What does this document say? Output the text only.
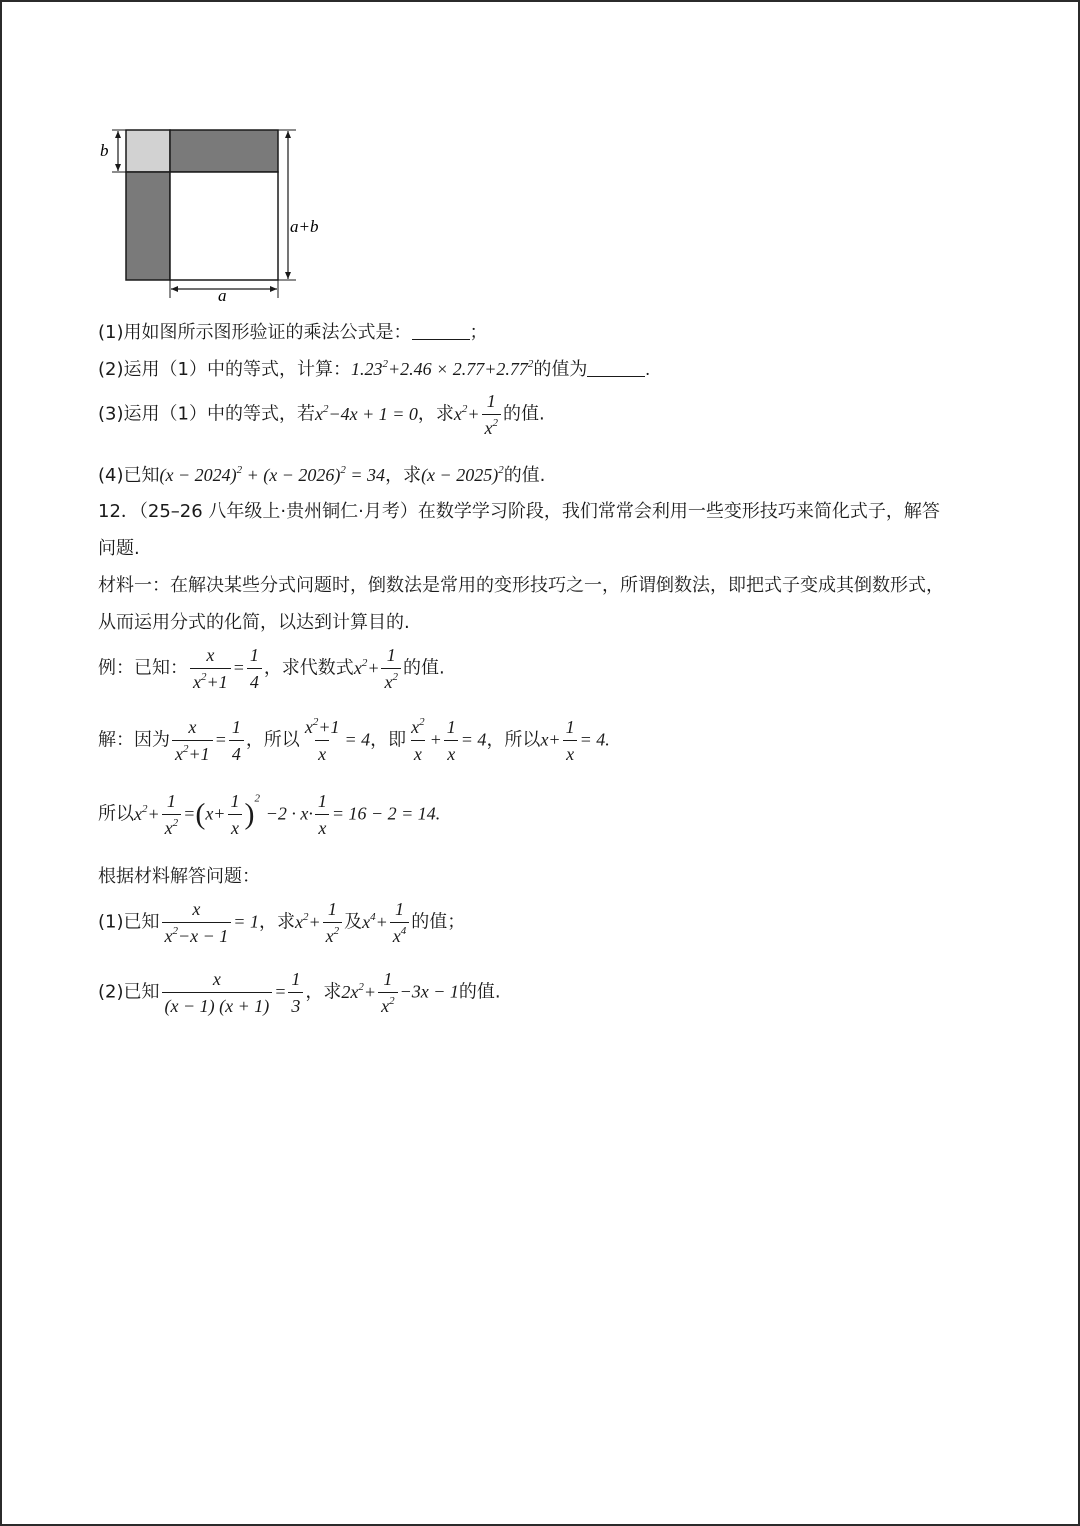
b
a+b
a
(1)用如图所示图形验证的乘法公式是：	；
(2)运用（1）中的等式，计算：$1.23^2+2.46 \times 2.77+2.77^2$的值为	.
(3)运用（1）中的等式，若$x^2-4x + 1 = 0$，求$x^2+ \frac{1}{x^2}$ 的值.
(4)已知$(x - 2024)^2 + (x - 2026)^2 = 34$，求$(x - 2025)^2$的值.
12．（25–26 八年级上·贵州铜仁·月考）在数学学习阶段，我们常常会利用一些变形技巧来简化式子，解答
问题.
材料一：在解决某些分式问题时，倒数法是常用的变形技巧之一，所谓倒数法，即把式子变成其倒数形式，
从而运用分式的化简，以达到计算目的.
例：已知： $\frac{x}{x^2+1} = \frac{1}{4}$ ，求代数式$x^2+ \frac{1}{x^2}$ 的值.
解：因为 $\frac{x}{x^2+1} = \frac{1}{4}$ ，所以 $\frac{x^2+1}{x} = 4$，即 $\frac{x^2}{x} + \frac{1}{x} = 4$，所以$x+ \frac{1}{x} = 4$.
所以$x^2+ \frac{1}{x^2} =(x+ \frac{1}{x} )^2 -2 \cdot x\cdot \frac{1}{x} = 16 - 2 = 14$.
根据材料解答问题：
(1)已知 $\frac{x}{x^2-x - 1} = 1$，求$x^2+ \frac{1}{x^2}$ 及$x^4+ \frac{1}{x^4}$ 的值；
(2)已知 $\frac{x}{(x - 1) (x + 1)} = \frac{1}{3}$ ，求$2x^2+ \frac{1}{x^2} -3x - 1$的值.
